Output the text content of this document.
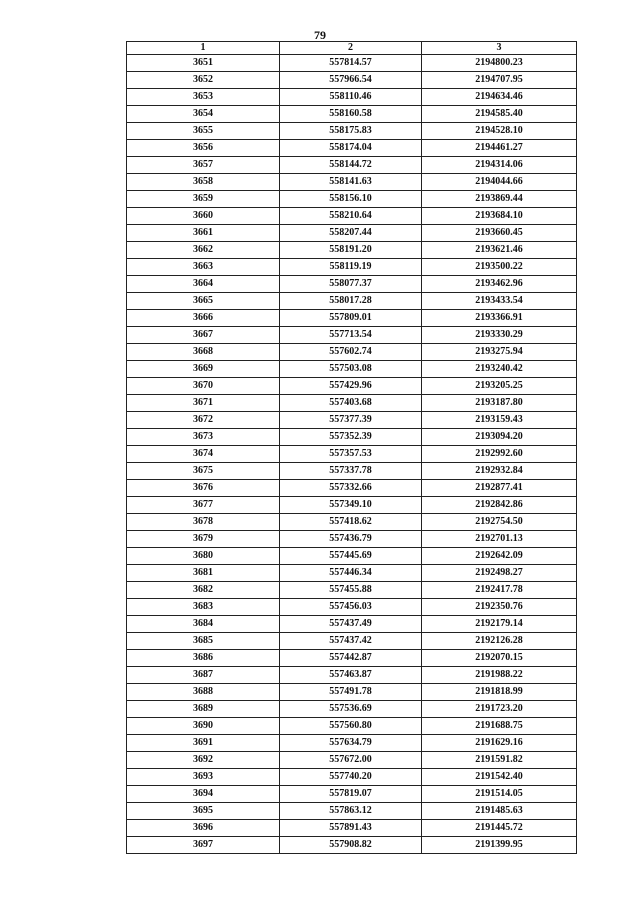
79
1	2	3
3651	557814.57	2194800.23
3652	557966.54	2194707.95
3653	558110.46	2194634.46
3654	558160.58	2194585.40
3655	558175.83	2194528.10
3656	558174.04	2194461.27
3657	558144.72	2194314.06
3658	558141.63	2194044.66
3659	558156.10	2193869.44
3660	558210.64	2193684.10
3661	558207.44	2193660.45
3662	558191.20	2193621.46
3663	558119.19	2193500.22
3664	558077.37	2193462.96
3665	558017.28	2193433.54
3666	557809.01	2193366.91
3667	557713.54	2193330.29
3668	557602.74	2193275.94
3669	557503.08	2193240.42
3670	557429.96	2193205.25
3671	557403.68	2193187.80
3672	557377.39	2193159.43
3673	557352.39	2193094.20
3674	557357.53	2192992.60
3675	557337.78	2192932.84
3676	557332.66	2192877.41
3677	557349.10	2192842.86
3678	557418.62	2192754.50
3679	557436.79	2192701.13
3680	557445.69	2192642.09
3681	557446.34	2192498.27
3682	557455.88	2192417.78
3683	557456.03	2192350.76
3684	557437.49	2192179.14
3685	557437.42	2192126.28
3686	557442.87	2192070.15
3687	557463.87	2191988.22
3688	557491.78	2191818.99
3689	557536.69	2191723.20
3690	557560.80	2191688.75
3691	557634.79	2191629.16
3692	557672.00	2191591.82
3693	557740.20	2191542.40
3694	557819.07	2191514.05
3695	557863.12	2191485.63
3696	557891.43	2191445.72
3697	557908.82	2191399.95
